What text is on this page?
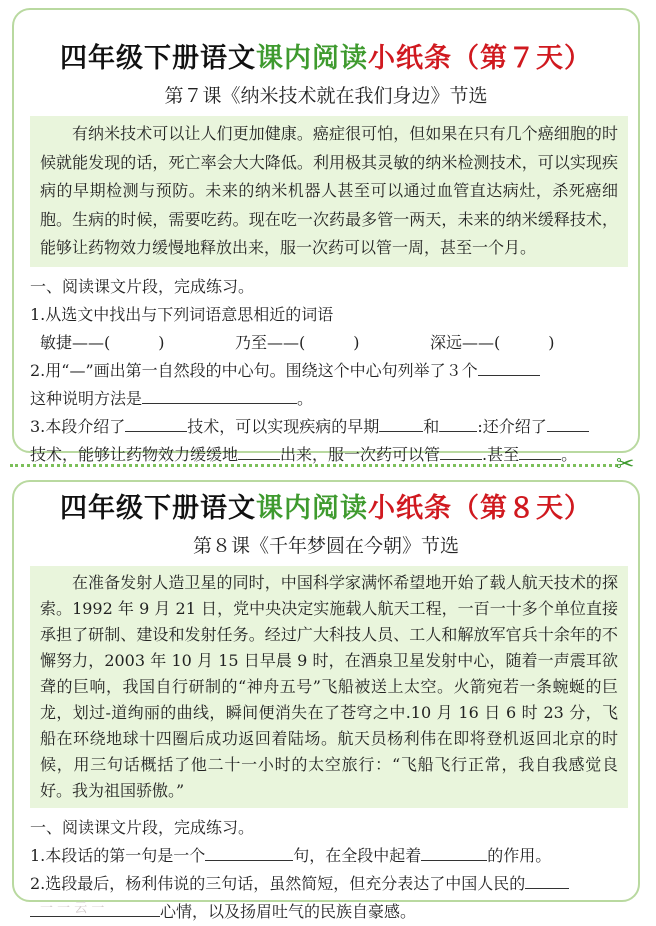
四年级下册语文课内阅读小纸条（第７天）
第７课《纳米技术就在我们身边》节选
有纳米技术可以让人们更加健康。癌症很可怕，但如果在只有几个癌细胞的时候就能发现的话，死亡率会大大降低。利用极其灵敏的纳米检测技术，可以实现疾病的早期检测与预防。未来的纳米机器人甚至可以通过血管直达病灶，杀死癌细胞。生病的时候，需要吃药。现在吃一次药最多管一两天，未来的纳米缓释技术，能够让药物效力缓慢地释放出来，服一次药可以管一周，甚至一个月。
一、阅读课文片段，完成练习。
1.从选文中找出与下列词语意思相近的词语
敏捷——(　　　)	乃至——(　　　)	深远——(　　　)
2.用“—”画出第一自然段的中心句。围绕这个中心句列举了３个
这种说明方法是	。
3.本段介绍了	技术，可以实现疾病的早期	和 :还介绍了
技术，能够让药物效力缓缓地	出来，服一次药可以管	.甚至	。	✂
四年级下册语文课内阅读小纸条（第８天）
第８课《千年梦圆在今朝》节选
在准备发射人造卫星的同时，中国科学家满怀希望地开始了载人航天技术的探索。1992 年 9 月 21 日，党中央决定实施载人航天工程，一百一十多个单位直接承担了研制、建设和发射任务。经过广大科技人员、工人和解放军官兵十余年的不懈努力，2003 年 10 月 15 日早晨 9 时，在酒泉卫星发射中心，随着一声震耳欲聋的巨响，我国自行研制的“神舟五号”飞船被送上太空。火箭宛若一条蜿蜒的巨龙，划过-道绚丽的曲线，瞬间便消失在了苍穹之中.10 月 16 日 6 时 23 分，飞船在环绕地球十四圈后成功返回着陆场。航天员杨利伟在即将登机返回北京的时候，用三句话概括了他二十一小时的太空旅行：“飞船飞行正常，我自我感觉良好。我为祖国骄傲。”
一、阅读课文片段，完成练习。
1.本段话的第一句是一个	句，在全段中起着	的作用。
2.选段最后，杨利伟说的三句话，虽然简短，但充分表达了中国人民的
心情，以及扬眉吐气的民族自豪感。
一 一 云 一
